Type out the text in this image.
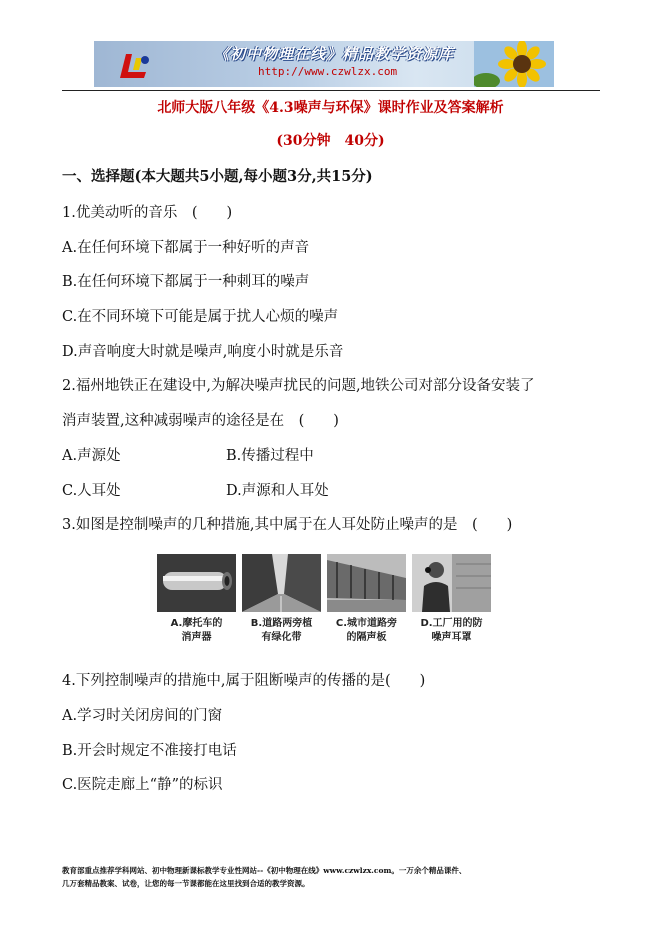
《初中物理在线》精品教学资源库
http://www.czwlzx.com
北师大版八年级《4.3噪声与环保》课时作业及答案解析
(30分钟　40分)
一、选择题(本大题共5小题,每小题3分,共15分)
1.优美动听的音乐　(　　)
A.在任何环境下都属于一种好听的声音
B.在任何环境下都属于一种刺耳的噪声
C.在不同环境下可能是属于扰人心烦的噪声
D.声音响度大时就是噪声,响度小时就是乐音
2.福州地铁正在建设中,为解决噪声扰民的问题,地铁公司对部分设备安装了
消声装置,这种减弱噪声的途径是在　(　　)
A.声源处	B.传播过程中
C.人耳处	D.声源和人耳处
3.如图是控制噪声的几种措施,其中属于在人耳处防止噪声的是　(　　)
A.摩托车的
消声器
B.道路两旁植
有绿化带
C.城市道路旁
的隔声板
D.工厂用的防
噪声耳罩
4.下列控制噪声的措施中,属于阻断噪声的传播的是(　　)
A.学习时关闭房间的门窗
B.开会时规定不准接打电话
C.医院走廊上“静”的标识
教育部重点推荐学科网站、初中物理新课标教学专业性网站--《初中物理在线》www.czwlzx.com。一万余个精品课件、
几万套精品教案、试卷，让您的每一节课都能在这里找到合适的教学资源。
